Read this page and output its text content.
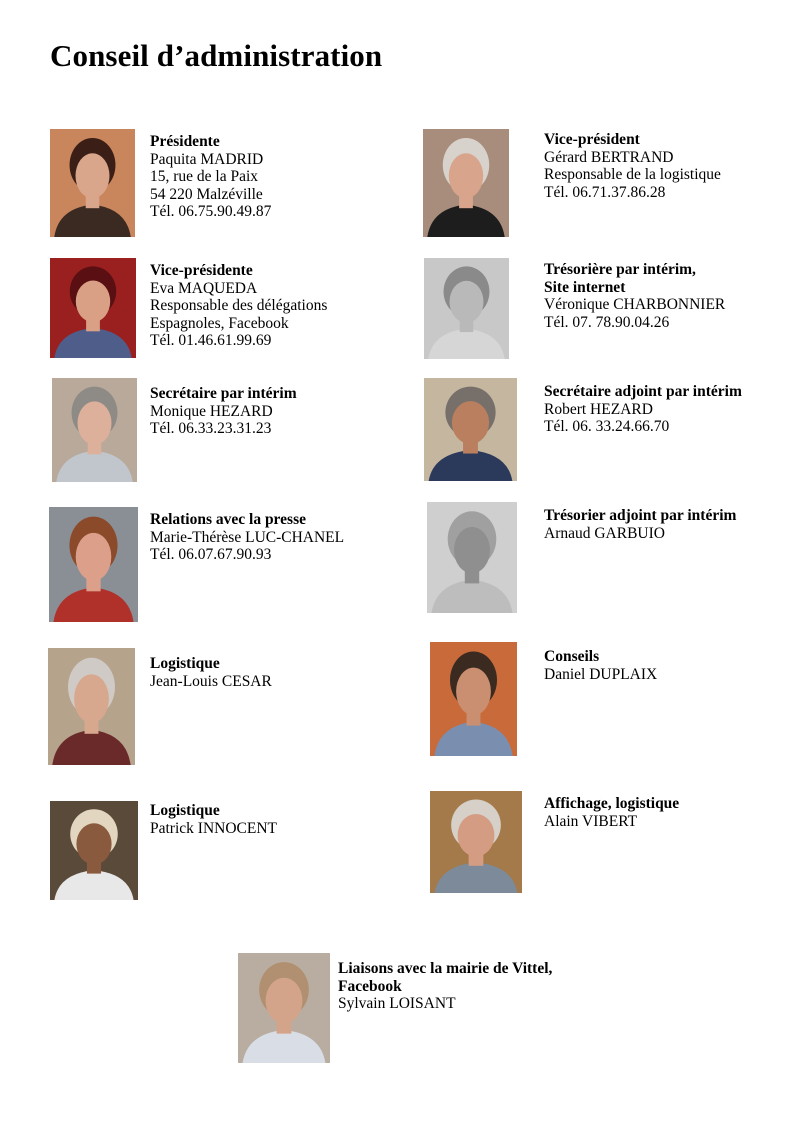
Conseil d’administration
Présidente
Paquita MADRID
15, rue de la Paix
54 220 Malzéville
Tél. 06.75.90.49.87
Vice-président
Gérard BERTRAND
Responsable de la logistique
Tél. 06.71.37.86.28
Vice-présidente
Eva MAQUEDA
Responsable des délégations
Espagnoles, Facebook
Tél. 01.46.61.99.69
Trésorière par intérim,
Site internet
Véronique CHARBONNIER
Tél. 07. 78.90.04.26
Secrétaire par intérim
Monique HEZARD
Tél. 06.33.23.31.23
Secrétaire adjoint par intérim
Robert HEZARD
Tél. 06. 33.24.66.70
Relations avec la presse
Marie-Thérèse LUC-CHANEL
Tél. 06.07.67.90.93
Trésorier adjoint par intérim
Arnaud GARBUIO
Logistique
Jean-Louis CESAR
Conseils
Daniel DUPLAIX
Logistique
Patrick INNOCENT
Affichage, logistique
Alain VIBERT
Liaisons avec la mairie de Vittel,
Facebook
Sylvain LOISANT
